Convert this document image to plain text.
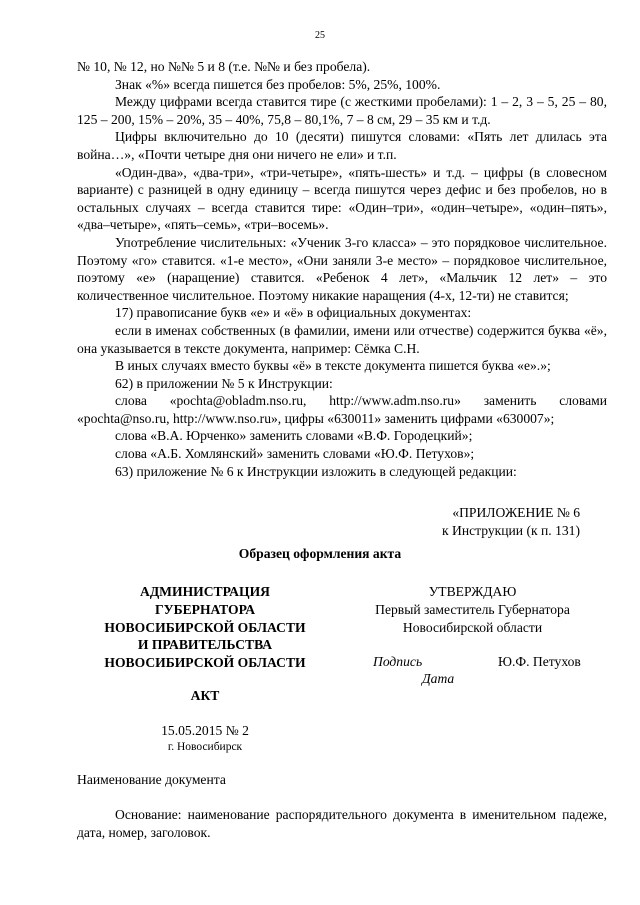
25

№ 10, № 12, но №№ 5 и 8 (т.е. №№ и без пробела).

Знак «%» всегда пишется без пробелов: 5%, 25%, 100%.

Между цифрами всегда ставится тире (с жесткими пробелами): 1 – 2, 3 – 5, 25 – 80, 125 – 200, 15% – 20%, 35 – 40%, 75,8 – 80,1%, 7 – 8 см, 29 – 35 км и т.д.

Цифры включительно до 10 (десяти) пишутся словами: «Пять лет длилась эта война…», «Почти четыре дня они ничего не ели» и т.п.

«Один-два», «два-три», «три-четыре», «пять-шесть» и т.д. – цифры (в словесном варианте) с разницей в одну единицу – всегда пишутся через дефис и без пробелов, но в остальных случаях – всегда ставится тире: «Один–три», «один–четыре», «один–пять», «два–четыре», «пять–семь», «три–восемь».

Употребление числительных: «Ученик 3-го класса» – это порядковое числительное. Поэтому «го» ставится. «1-е место», «Они заняли 3-е место» – порядковое числительное, поэтому «е» (наращение) ставится. «Ребенок 4 лет», «Мальчик 12 лет» – это количественное числительное. Поэтому никакие наращения (4-х, 12-ти) не ставится;

17) правописание букв «е» и «ё» в официальных документах:

если в именах собственных (в фамилии, имени или отчестве) содержится буква «ё», она указывается в тексте документа, например: Сёмка С.Н.

В иных случаях вместо буквы «ё» в тексте документа пишется буква «е».»;

62) в приложении № 5 к Инструкции:

слова «pochta@obladm.nso.ru, http://www.adm.nso.ru» заменить словами «pochta@nso.ru, http://www.nso.ru», цифры «630011» заменить цифрами «630007»;

слова «В.А. Юрченко» заменить словами «В.Ф. Городецкий»;

слова «А.Б. Хомлянский» заменить словами «Ю.Ф. Петухов»;

63) приложение № 6 к Инструкции изложить в следующей редакции:

«ПРИЛОЖЕНИЕ № 6
к Инструкции (к п. 131)
Образец оформления акта
АДМИНИСТРАЦИЯ
ГУБЕРНАТОРА
НОВОСИБИРСКОЙ ОБЛАСТИ
И ПРАВИТЕЛЬСТВА
НОВОСИБИРСКОЙ ОБЛАСТИ
УТВЕРЖДАЮ
Первый заместитель Губернатора
Новосибирской области
Подпись	Ю.Ф. Петухов
Дата
АКТ
15.05.2015 № 2
г. Новосибирск
Наименование документа

Основание: наименование распорядительного документа в именительном падеже, дата, номер, заголовок.
